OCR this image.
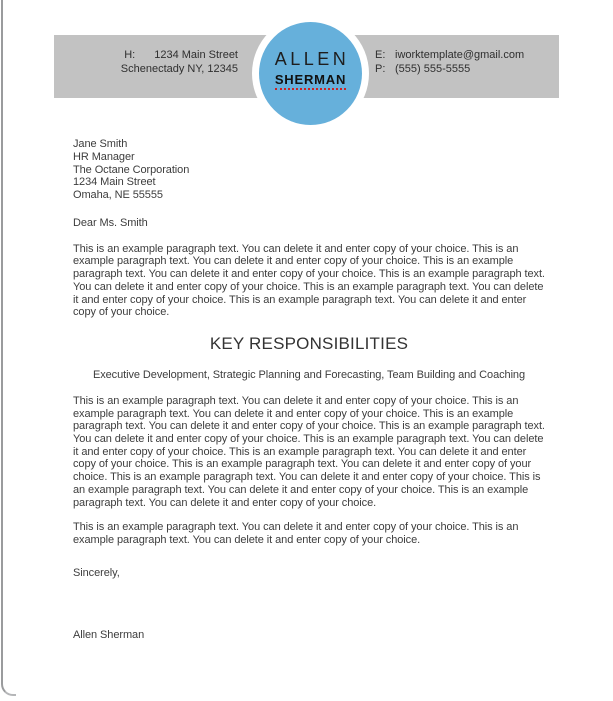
H: 1234 Main Street
Schenectady NY, 12345
E: iworktemplate@gmail.com
P: (555) 555-5555
ALLEN
SHERMAN
Jane Smith
HR Manager
The Octane Corporation
1234 Main Street
Omaha, NE 55555
Dear Ms. Smith

This is an example paragraph text. You can delete it and enter copy of your choice. This is an example paragraph text. You can delete it and enter copy of your choice. This is an example paragraph text. You can delete it and enter copy of your choice. This is an example paragraph text. You can delete it and enter copy of your choice. This is an example paragraph text. You can delete it and enter copy of your choice. This is an example paragraph text. You can delete it and enter copy of your choice.

KEY RESPONSIBILITIES
Executive Development, Strategic Planning and Forecasting, Team Building and Coaching

This is an example paragraph text. You can delete it and enter copy of your choice. This is an example paragraph text. You can delete it and enter copy of your choice. This is an example paragraph text. You can delete it and enter copy of your choice. This is an example paragraph text. You can delete it and enter copy of your choice. This is an example paragraph text. You can delete it and enter copy of your choice. This is an example paragraph text. You can delete it and enter copy of your choice. This is an example paragraph text. You can delete it and enter copy of your choice. This is an example paragraph text. You can delete it and enter copy of your choice. This is an example paragraph text. You can delete it and enter copy of your choice. This is an example paragraph text. You can delete it and enter copy of your choice.

This is an example paragraph text. You can delete it and enter copy of your choice. This is an example paragraph text. You can delete it and enter copy of your choice.

Sincerely,
Allen Sherman
